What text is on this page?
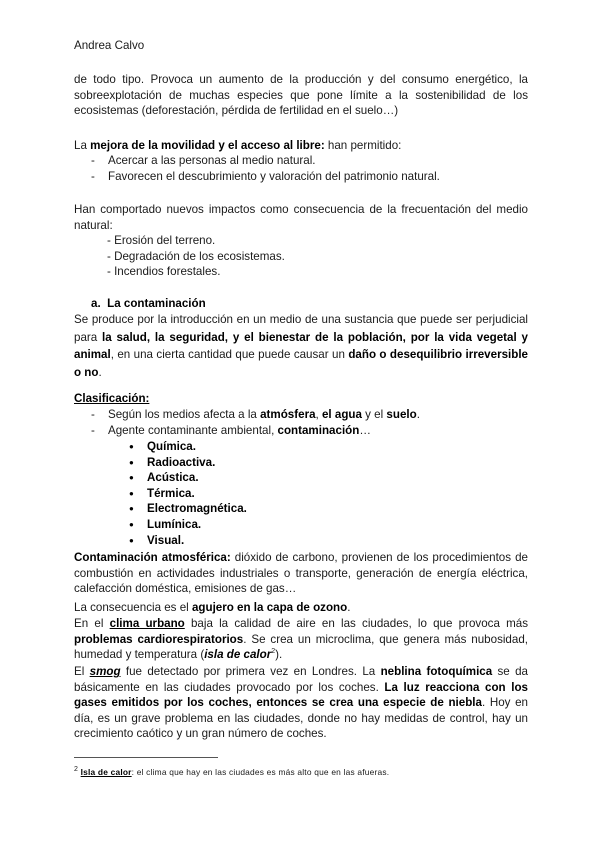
Andrea Calvo

de todo tipo. Provoca un aumento de la producción y del consumo energético, la sobreexplotación de muchas especies que pone límite a la sostenibilidad de los ecosistemas (deforestación, pérdida de fertilidad en el suelo…)

La mejora de la movilidad y el acceso al libre: han permitido:

- Acercar a las personas al medio natural.
- Favorecen el descubrimiento y valoración del patrimonio natural.

Han comportado nuevos impactos como consecuencia de la frecuentación del medio natural:

- Erosión del terreno.
- Degradación de los ecosistemas.
- Incendios forestales.
a. La contaminación

Se produce por la introducción en un medio de una sustancia que puede ser perjudicial para la salud, la seguridad, y el bienestar de la población, por la vida vegetal y animal, en una cierta cantidad que puede causar un daño o desequilibrio irreversible o no.

Clasificación:
- Según los medios afecta a la atmósfera, el agua y el suelo.
- Agente contaminante ambiental, contaminación…
● Química.
● Radioactiva.
● Acústica.
● Térmica.
● Electromagnética.
● Lumínica.
● Visual.

Contaminación atmosférica: dióxido de carbono, provienen de los procedimientos de combustión en actividades industriales o transporte, generación de energía eléctrica, calefacción doméstica, emisiones de gas…

La consecuencia es el agujero en la capa de ozono.

En el clima urbano baja la calidad de aire en las ciudades, lo que provoca más problemas cardiorespiratorios. Se crea un microclima, que genera más nubosidad, humedad y temperatura (isla de calor$^2$).

El smog fue detectado por primera vez en Londres. La neblina fotoquímica se da básicamente en las ciudades provocado por los coches. La luz reacciona con los gases emitidos por los coches, entonces se crea una especie de niebla. Hoy en día, es un grave problema en las ciudades, donde no hay medidas de control, hay un crecimiento caótico y un gran número de coches.

$^2$ Isla de calor: el clima que hay en las ciudades es más alto que en las afueras.
